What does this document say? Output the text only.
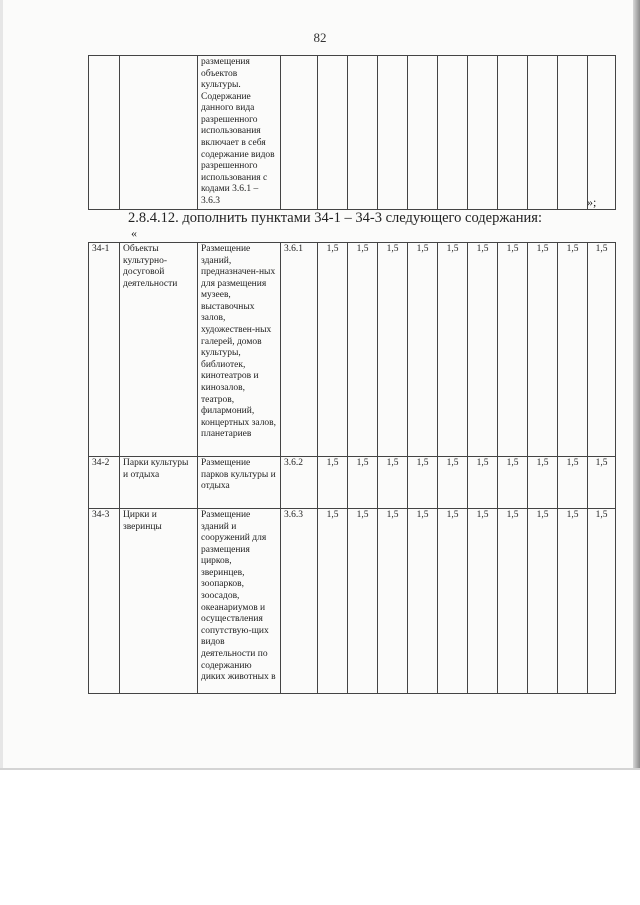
82
		размещения объектов культуры. Содержание данного вида разрешенного использования включает в себя содержание видов разрешенного использования с кодами 3.6.1 – 3.6.3												»;
2.8.4.12. дополнить пунктами 34-1 – 34-3 следующего содержания:
«
34-1	Объекты культурно-досуговой деятельности	Размещение зданий, предназначен-ных для размещения музеев, выставочных залов, художествен-ных галерей, домов культуры, библиотек, кинотеатров и кинозалов, театров, филармоний, концертных залов, планетариев	3.6.1	1,5	1,5	1,5	1,5	1,5	1,5	1,5	1,5	1,5	1,5
34-2	Парки культуры и отдыха	Размещение парков культуры и отдыха	3.6.2	1,5	1,5	1,5	1,5	1,5	1,5	1,5	1,5	1,5	1,5
34-3	Цирки и зверинцы	Размещение зданий и сооружений для размещения цирков, зверинцев, зоопарков, зоосадов, океанариумов и осуществления сопутствую-щих видов деятельности по содержанию диких животных в	3.6.3	1,5	1,5	1,5	1,5	1,5	1,5	1,5	1,5	1,5	1,5
